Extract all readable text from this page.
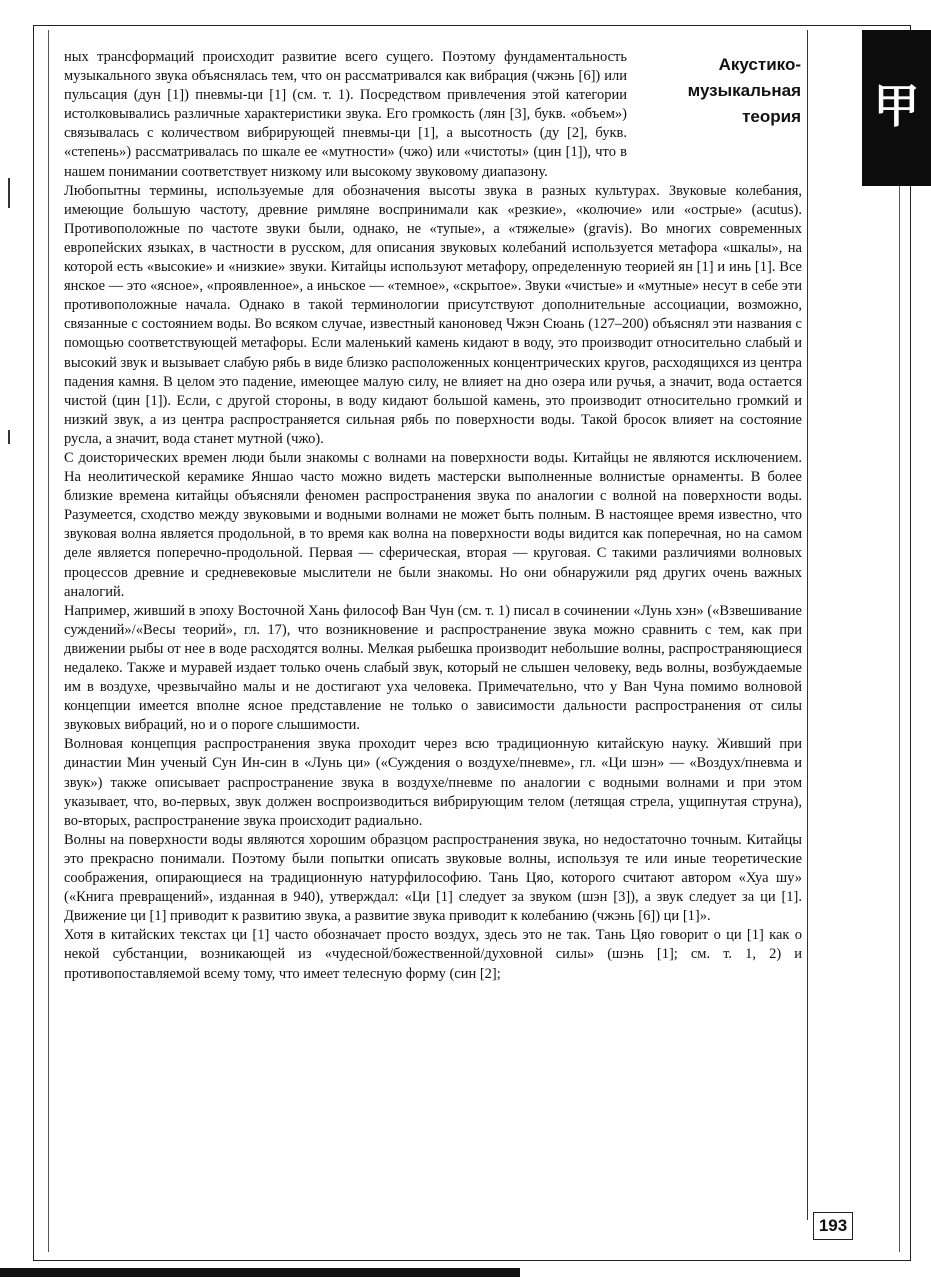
甲
Акустико-
музыкальная
теория

ных трансформаций происходит развитие всего сущего. Поэтому фундаментальность музыкального звука объяснялась тем, что он рассматривался как вибрация (чжэнь [6]) или пульсация (дун [1]) пневмы-ци [1] (см. т. 1). Посредством привлечения этой категории истолковывались различные характеристики звука. Его громкость (лян [3], букв. «объем») связывалась с количеством вибрирующей пневмы-ци [1], а высотность (ду [2], букв. «степень») рассматривалась по шкале ее «мутности» (чжо) или «чистоты» (цин [1]), что в нашем понимании соответствует низкому или высокому звуковому диапазону.

Любопытны термины, используемые для обозначения высоты звука в разных культурах. Звуковые колебания, имеющие большую частоту, древние римляне воспринимали как «резкие», «колючие» или «острые» (acutus). Противоположные по частоте звуки были, однако, не «тупые», а «тяжелые» (gravis). Во многих современных европейских языках, в частности в русском, для описания звуковых колебаний используется метафора «шкалы», на которой есть «высокие» и «низкие» звуки. Китайцы используют метафору, определенную теорией ян [1] и инь [1]. Все янское — это «ясное», «проявленное», а иньское — «темное», «скрытое». Звуки «чистые» и «мутные» несут в себе эти противоположные начала. Однако в такой терминологии присутствуют дополнительные ассоциации, возможно, связанные с состоянием воды. Во всяком случае, известный каноновед Чжэн Сюань (127–200) объяснял эти названия с помощью соответствующей метафоры. Если маленький камень кидают в воду, это производит относительно слабый и высокий звук и вызывает слабую рябь в виде близко расположенных концентрических кругов, расходящихся из центра падения камня. В целом это падение, имеющее малую силу, не влияет на дно озера или ручья, а значит, вода остается чистой (цин [1]). Если, с другой стороны, в воду кидают большой камень, это производит относительно громкий и низкий звук, а из центра распространяется сильная рябь по поверхности воды. Такой бросок влияет на состояние русла, а значит, вода станет мутной (чжо).

С доисторических времен люди были знакомы с волнами на поверхности воды. Китайцы не являются исключением. На неолитической керамике Яншао часто можно видеть мастерски выполненные волнистые орнаменты. В более близкие времена китайцы объясняли феномен распространения звука по аналогии с волной на поверхности воды. Разумеется, сходство между звуковыми и водными волнами не может быть полным. В настоящее время известно, что звуковая волна является продольной, в то время как волна на поверхности воды видится как поперечная, но на самом деле является поперечно-продольной. Первая — сферическая, вторая — круговая. С такими различиями волновых процессов древние и средневековые мыслители не были знакомы. Но они обнаружили ряд других очень важных аналогий.

Например, живший в эпоху Восточной Хань философ Ван Чун (см. т. 1) писал в сочинении «Лунь хэн» («Взвешивание суждений»/«Весы теорий», гл. 17), что возникновение и распространение звука можно сравнить с тем, как при движении рыбы от нее в воде расходятся волны. Мелкая рыбешка производит небольшие волны, распространяющиеся недалеко. Также и муравей издает только очень слабый звук, который не слышен человеку, ведь волны, возбуждаемые им в воздухе, чрезвычайно малы и не достигают уха человека. Примечательно, что у Ван Чуна помимо волновой концепции имеется вполне ясное представление не только о зависимости дальности распространения от силы звуковых вибраций, но и о пороге слышимости.

Волновая концепция распространения звука проходит через всю традиционную китайскую науку. Живший при династии Мин ученый Сун Ин-син в «Лунь ци» («Суждения о воздухе/пневме», гл. «Ци шэн» — «Воздух/пневма и звук») также описывает распространение звука в воздухе/пневме по аналогии с водными волнами и при этом указывает, что, во-первых, звук должен воспроизводиться вибрирующим телом (летящая стрела, ущипнутая струна), во-вторых, распространение звука происходит радиально.

Волны на поверхности воды являются хорошим образцом распространения звука, но недостаточно точным. Китайцы это прекрасно понимали. Поэтому были попытки описать звуковые волны, используя те или иные теоретические соображения, опирающиеся на традиционную натурфилософию. Тань Цяо, которого считают автором «Хуа шу» («Книга превращений», изданная в 940), утверждал: «Ци [1] следует за звуком (шэн [3]), а звук следует за ци [1]. Движение ци [1] приводит к развитию звука, а развитие звука приводит к колебанию (чжэнь [6]) ци [1]».

Хотя в китайских текстах ци [1] часто обозначает просто воздух, здесь это не так. Тань Цяо говорит о ци [1] как о некой субстанции, возникающей из «чудесной/божественной/духовной силы» (шэнь [1]; см. т. 1, 2) и противопоставляемой всему тому, что имеет телесную форму (син [2];

193
